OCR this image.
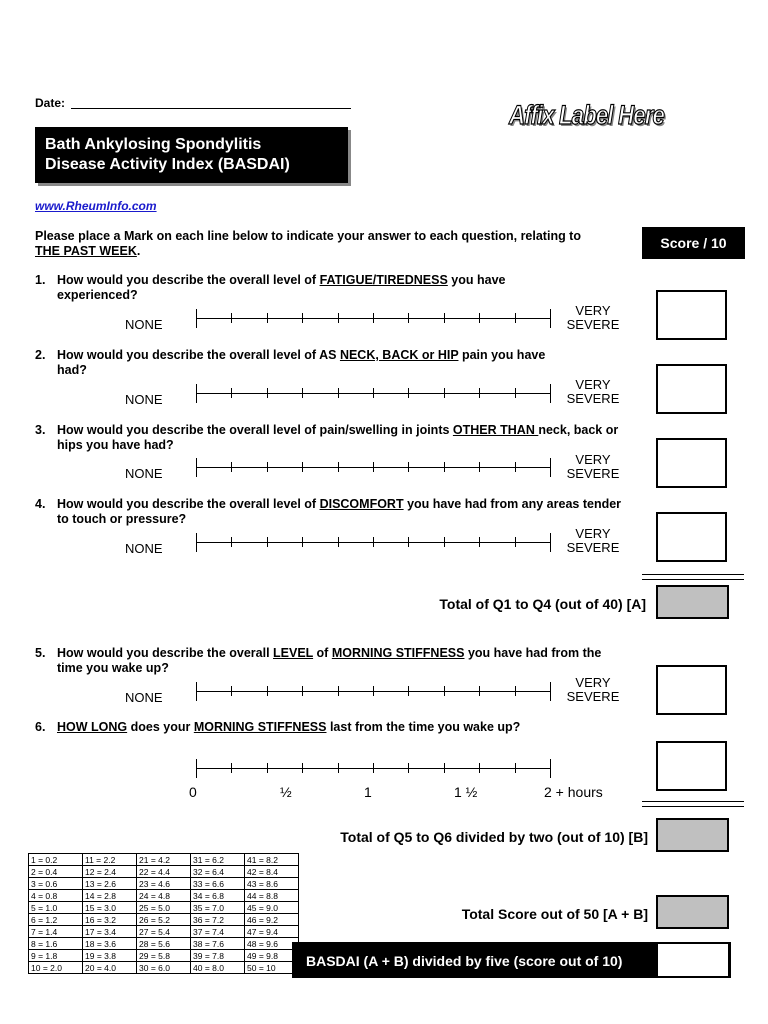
Date:	Affix Label Here
Bath Ankylosing Spondylitis
Disease Activity Index (BASDAI)
www.RheumInfo.com
Please place a Mark on each line below to indicate your answer to each question, relating to
THE PAST WEEK.	Score / 10
1. How would you describe the overall level of FATIGUE/TIREDNESS you have
experienced?
NONE
VERY
SEVERE
2. How would you describe the overall level of AS NECK, BACK or HIP pain you have
had?
NONE
VERY
SEVERE
3. How would you describe the overall level of pain/swelling in joints OTHER THAN neck, back or
hips you have had?
NONE
VERY
SEVERE
4. How would you describe the overall level of DISCOMFORT you have had from any areas tender
to touch or pressure?
NONE
VERY
SEVERE
Total of Q1 to Q4 (out of 40) [A]
5. How would you describe the overall LEVEL of MORNING STIFFNESS you have had from the
time you wake up?
NONE
VERY
SEVERE
6. HOW LONG does your MORNING STIFFNESS last from the time you wake up?
0	½	1	1 ½	2 + hours
Total of Q5 to Q6 divided by two (out of 10) [B]
1 = 0.2	11 = 2.2	21 = 4.2	31 = 6.2	41 = 8.2
2 = 0.4	12 = 2.4	22 = 4.4	32 = 6.4	42 = 8.4
3 = 0.6	13 = 2.6	23 = 4.6	33 = 6.6	43 = 8.6
4 = 0.8	14 = 2.8	24 = 4.8	34 = 6.8	44 = 8.8
5 = 1.0	15 = 3.0	25 = 5.0	35 = 7.0	45 = 9.0
6 = 1.2	16 = 3.2	26 = 5.2	36 = 7.2	46 = 9.2
7 = 1.4	17 = 3.4	27 = 5.4	37 = 7.4	47 = 9.4
8 = 1.6	18 = 3.6	28 = 5.6	38 = 7.6	48 = 9.6
9 = 1.8	19 = 3.8	29 = 5.8	39 = 7.8	49 = 9.8
10 = 2.0	20 = 4.0	30 = 6.0	40 = 8.0	50 = 10
Total Score out of 50 [A + B]
BASDAI (A + B) divided by five (score out of 10)
